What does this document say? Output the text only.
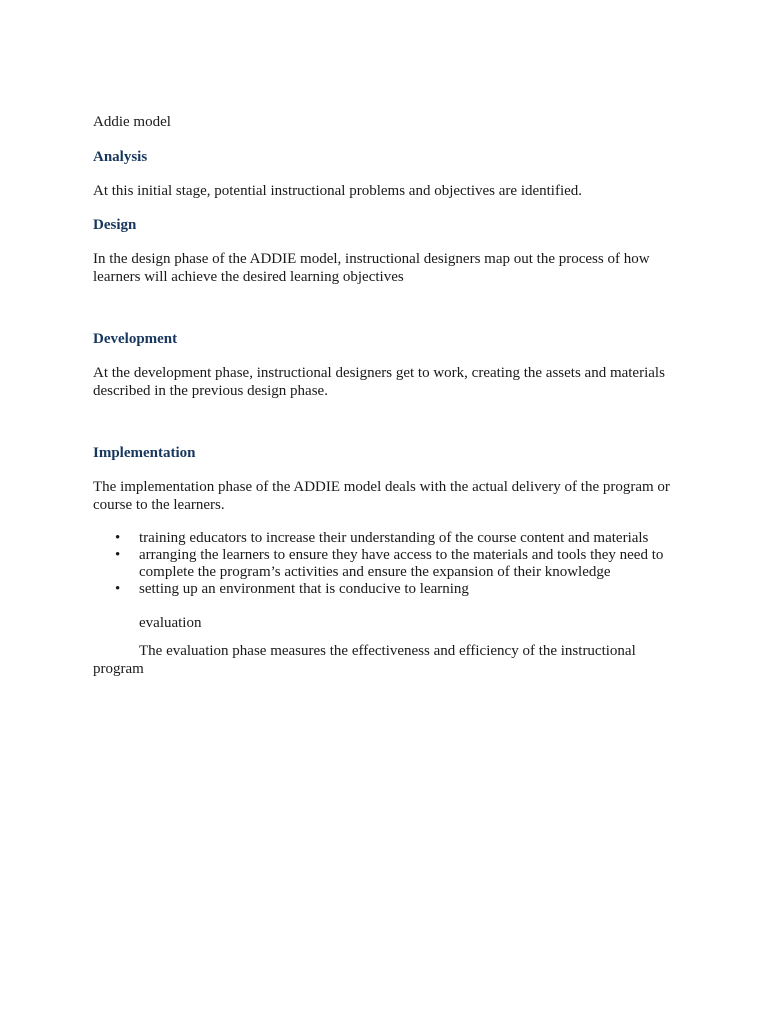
Addie model

Analysis

At this initial stage, potential instructional problems and objectives are identified.

Design

In the design phase of the ADDIE model, instructional designers map out the process of how learners will achieve the desired learning objectives

Development

At the development phase, instructional designers get to work, creating the assets and materials described in the previous design phase.

Implementation

The implementation phase of the ADDIE model deals with the actual delivery of the program or course to the learners.

• training educators to increase their understanding of the course content and materials
• arranging the learners to ensure they have access to the materials and tools they need to complete the program’s activities and ensure the expansion of their knowledge
• setting up an environment that is conducive to learning

evaluation

The evaluation phase measures the effectiveness and efficiency of the instructional program
